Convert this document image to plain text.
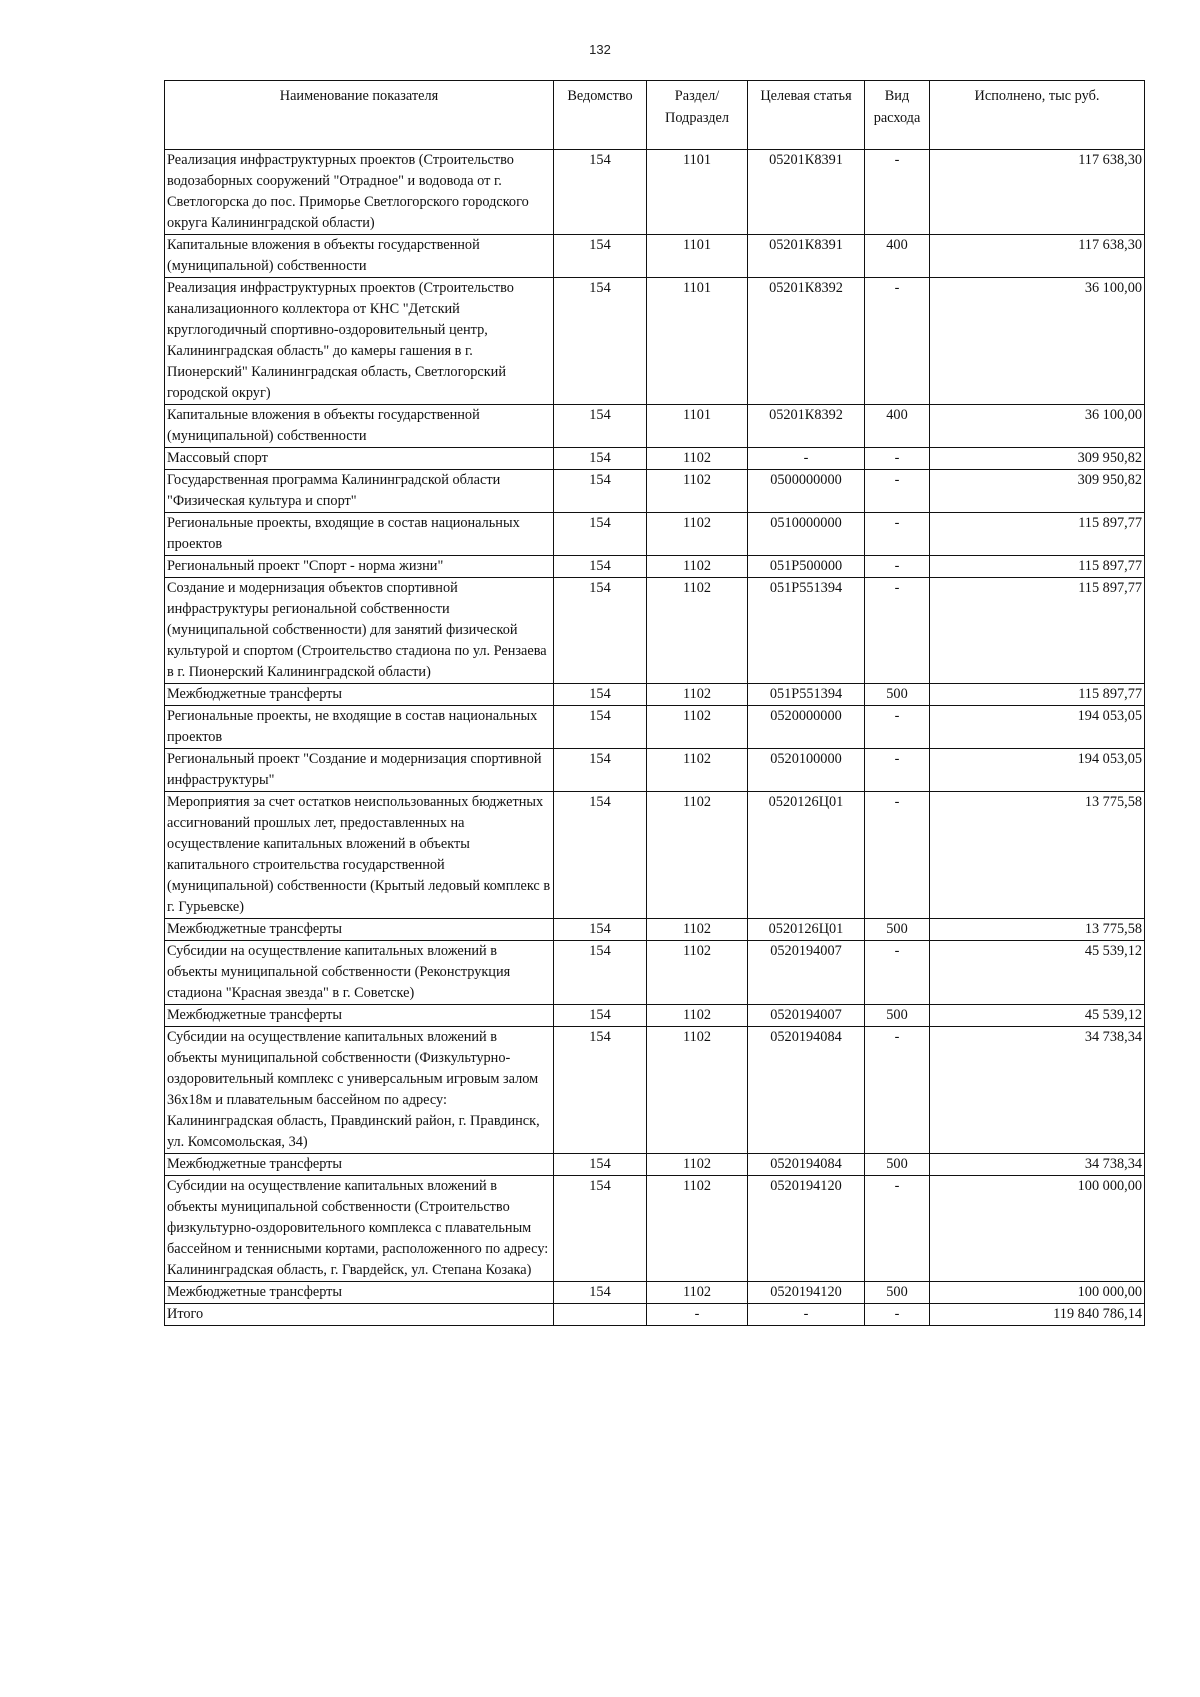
132
Наименование показателя	Ведомство	Раздел/ Подраздел	Целевая статья	Вид расхода	Исполнено, тыс руб.
Реализация инфраструктурных проектов (Строительство водозаборных сооружений "Отрадное" и водовода от г. Светлогорска до пос. Приморье Светлогорского городского округа Калининградской области)	154	1101	05201К8391	-	117 638,30
Капитальные вложения в объекты государственной (муниципальной) собственности	154	1101	05201К8391	400	117 638,30
Реализация инфраструктурных проектов (Строительство канализационного коллектора от КНС "Детский круглогодичный спортивно-оздоровительный центр, Калининградская область" до камеры гашения в г. Пионерский" Калининградская область, Светлогорский городской округ)	154	1101	05201К8392	-	36 100,00
Капитальные вложения в объекты государственной (муниципальной) собственности	154	1101	05201К8392	400	36 100,00
Массовый спорт	154	1102	-	-	309 950,82
Государственная программа Калининградской области "Физическая культура и спорт"	154	1102	0500000000	-	309 950,82
Региональные проекты, входящие в состав национальных проектов	154	1102	0510000000	-	115 897,77
Региональный проект "Спорт - норма жизни"	154	1102	051P500000	-	115 897,77
Создание и модернизация объектов спортивной инфраструктуры региональной собственности (муниципальной собственности) для занятий физической культурой и спортом (Строительство стадиона по ул. Рензаева в г. Пионерский Калининградской области)	154	1102	051P551394	-	115 897,77
Межбюджетные трансферты	154	1102	051P551394	500	115 897,77
Региональные проекты, не входящие в состав национальных проектов	154	1102	0520000000	-	194 053,05
Региональный проект "Создание и модернизация спортивной инфраструктуры"	154	1102	0520100000	-	194 053,05
Мероприятия за счет остатков неиспользованных бюджетных ассигнований прошлых лет, предоставленных на осуществление капитальных вложений в объекты капитального строительства государственной (муниципальной) собственности (Крытый ледовый комплекс в г. Гурьевске)	154	1102	0520126Ц01	-	13 775,58
Межбюджетные трансферты	154	1102	0520126Ц01	500	13 775,58
Субсидии на осуществление капитальных вложений в объекты муниципальной собственности (Реконструкция стадиона "Красная звезда" в г. Советске)	154	1102	0520194007	-	45 539,12
Межбюджетные трансферты	154	1102	0520194007	500	45 539,12
Субсидии на осуществление капитальных вложений в объекты муниципальной собственности (Физкультурно-оздоровительный комплекс с универсальным игровым залом 36х18м и плавательным бассейном по адресу: Калининградская область, Правдинский район, г. Правдинск, ул. Комсомольская, 34)	154	1102	0520194084	-	34 738,34
Межбюджетные трансферты	154	1102	0520194084	500	34 738,34
Субсидии на осуществление капитальных вложений в объекты муниципальной собственности (Строительство физкультурно-оздоровительного комплекса с плавательным бассейном и теннисными кортами, расположенного по адресу: Калининградская область, г. Гвардейск, ул. Степана Козака)	154	1102	0520194120	-	100 000,00
Межбюджетные трансферты	154	1102	0520194120	500	100 000,00
Итого		-	-	-	119 840 786,14
